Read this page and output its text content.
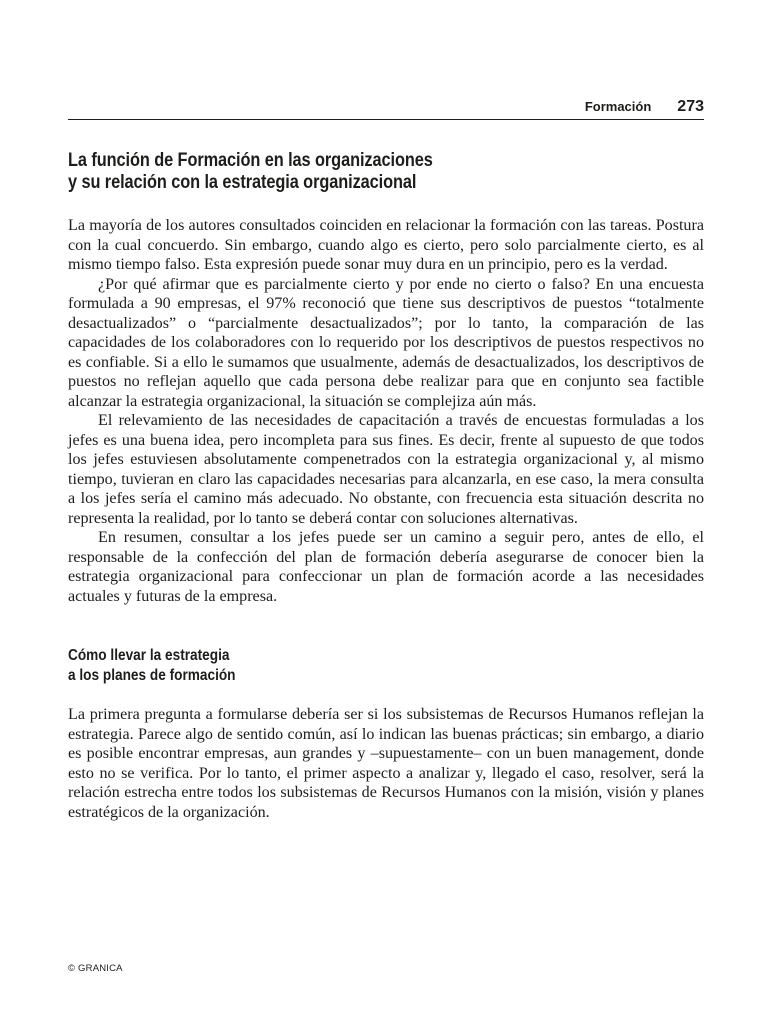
Formación 273
La función de Formación en las organizaciones
y su relación con la estrategia organizacional

La mayoría de los autores consultados coinciden en relacionar la formación con las tareas. Postura con la cual concuerdo. Sin embargo, cuando algo es cierto, pero solo parcialmente cierto, es al mismo tiempo falso. Esta expresión puede sonar muy dura en un principio, pero es la verdad.

¿Por qué afirmar que es parcialmente cierto y por ende no cierto o falso? En una encuesta formulada a 90 empresas, el 97% reconoció que tiene sus descriptivos de puestos “totalmente desactualizados” o “parcialmente desactualizados”; por lo tanto, la comparación de las capacidades de los colaboradores con lo requerido por los descriptivos de puestos respectivos no es confiable. Si a ello le sumamos que usualmente, además de desactualizados, los descriptivos de puestos no reflejan aquello que cada persona debe realizar para que en conjunto sea factible alcanzar la estrategia organizacional, la situación se complejiza aún más.

El relevamiento de las necesidades de capacitación a través de encuestas formuladas a los jefes es una buena idea, pero incompleta para sus fines. Es decir, frente al supuesto de que todos los jefes estuviesen absolutamente compenetrados con la estrategia organizacional y, al mismo tiempo, tuvieran en claro las capacidades necesarias para alcanzarla, en ese caso, la mera consulta a los jefes sería el camino más adecuado. No obstante, con frecuencia esta situación descrita no representa la realidad, por lo tanto se deberá contar con soluciones alternativas.

En resumen, consultar a los jefes puede ser un camino a seguir pero, antes de ello, el responsable de la confección del plan de formación debería asegurarse de conocer bien la estrategia organizacional para confeccionar un plan de formación acorde a las necesidades actuales y futuras de la empresa.

Cómo llevar la estrategia
a los planes de formación

La primera pregunta a formularse debería ser si los subsistemas de Recursos Humanos reflejan la estrategia. Parece algo de sentido común, así lo indican las buenas prácticas; sin embargo, a diario es posible encontrar empresas, aun grandes y –supuestamente– con un buen management, donde esto no se verifica. Por lo tanto, el primer aspecto a analizar y, llegado el caso, resolver, será la relación estrecha entre todos los subsistemas de Recursos Humanos con la misión, visión y planes estratégicos de la organización.

© GRANICA
